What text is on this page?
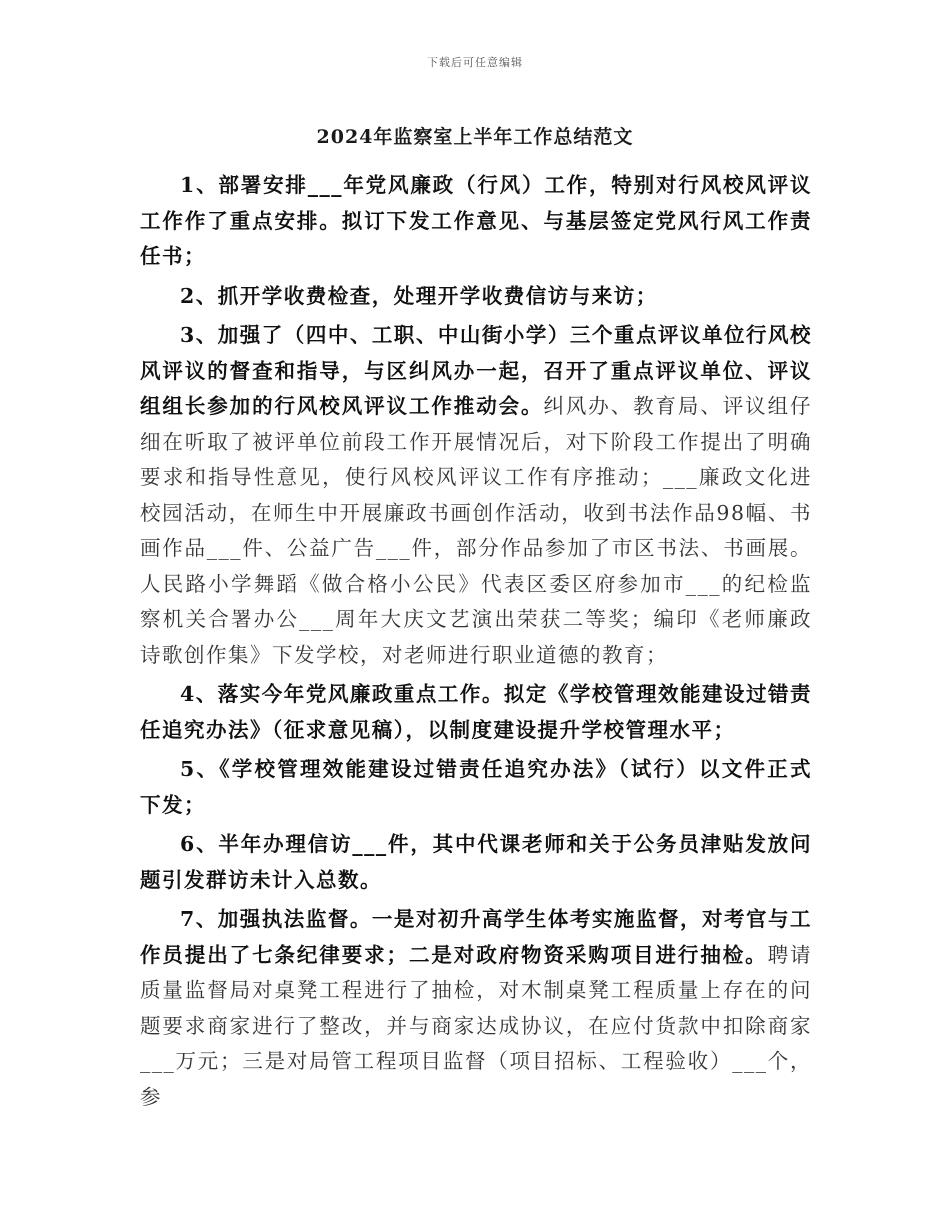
下载后可任意编辑
2024年监察室上半年工作总结范文

1、部署安排___年党风廉政（行风）工作，特别对行风校风评议工作作了重点安排。拟订下发工作意见、与基层签定党风行风工作责任书；

2、抓开学收费检查，处理开学收费信访与来访；

3、加强了（四中、工职、中山街小学）三个重点评议单位行风校风评议的督查和指导，与区纠风办一起，召开了重点评议单位、评议组组长参加的行风校风评议工作推动会。纠风办、教育局、评议组仔细在听取了被评单位前段工作开展情况后，对下阶段工作提出了明确要求和指导性意见，使行风校风评议工作有序推动；___廉政文化进校园活动，在师生中开展廉政书画创作活动，收到书法作品98幅、书画作品___件、公益广告___件，部分作品参加了市区书法、书画展。人民路小学舞蹈《做合格小公民》代表区委区府参加市___的纪检监察机关合署办公___周年大庆文艺演出荣获二等奖；编印《老师廉政诗歌创作集》下发学校，对老师进行职业道德的教育；

4、落实今年党风廉政重点工作。拟定《学校管理效能建设过错责任追究办法》（征求意见稿），以制度建设提升学校管理水平；

5、《学校管理效能建设过错责任追究办法》（试行）以文件正式下发；

6、半年办理信访___件，其中代课老师和关于公务员津贴发放问题引发群访未计入总数。

7、加强执法监督。一是对初升高学生体考实施监督，对考官与工作员提出了七条纪律要求；二是对政府物资采购项目进行抽检。聘请质量监督局对桌凳工程进行了抽检，对木制桌凳工程质量上存在的问题要求商家进行了整改，并与商家达成协议，在应付货款中扣除商家___万元；三是对局管工程项目监督（项目招标、工程验收）___个，参
